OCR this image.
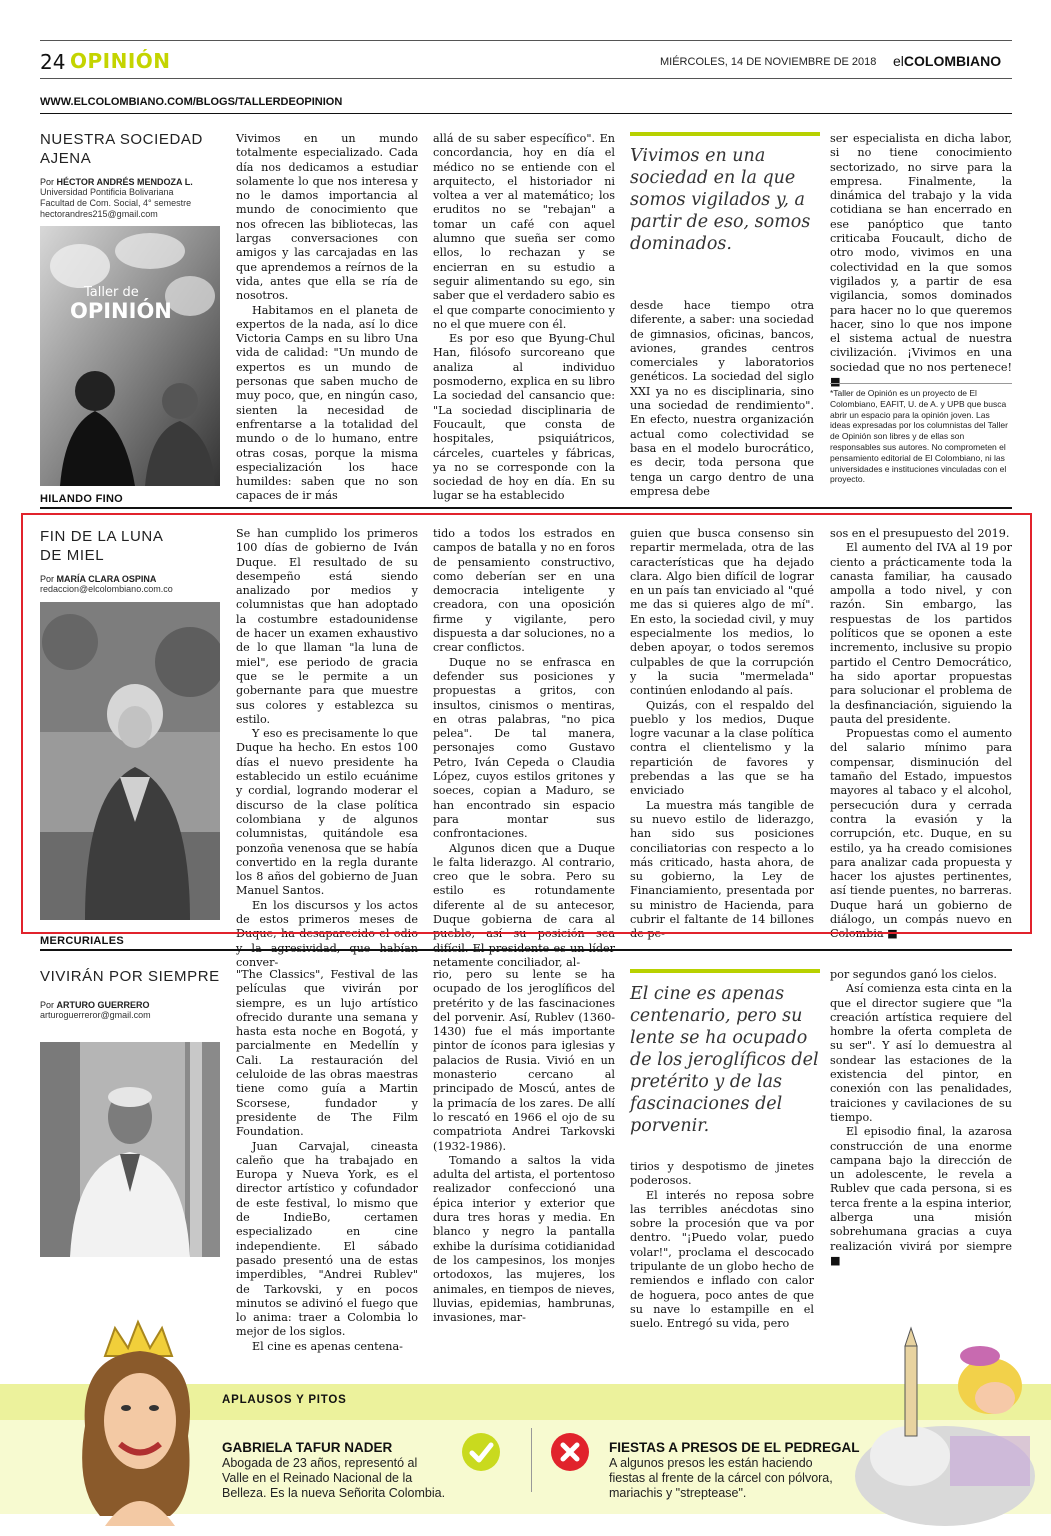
24 OPINIÓN	MIÉRCOLES, 14 DE NOVIEMBRE DE 2018 elCOLOMBIANO
WWW.ELCOLOMBIANO.COM/BLOGS/TALLERDEOPINION
NUESTRA SOCIEDAD AJENA
Por HÉCTOR ANDRÉS MENDOZA L.
Universidad Pontificia Bolivariana
Facultad de Com. Social, 4° semestre
hectorandres215@gmail.com
Taller de
OPINIÓN

Vivimos en un mundo totalmente especializado. Cada día nos dedicamos a estudiar solamente lo que nos interesa y no le damos importancia al mundo de conocimiento que nos ofrecen las bibliotecas, las largas conversaciones con amigos y las carcajadas en las que aprendemos a reírnos de la vida, antes que ella se ría de nosotros.

Habitamos en el planeta de expertos de la nada, así lo dice Victoria Camps en su libro Una vida de calidad: "Un mundo de expertos es un mundo de personas que saben mucho de muy poco, que, en ningún caso, sienten la necesidad de enfrentarse a la totalidad del mundo o de lo humano, entre otras cosas, porque la misma especialización los hace humildes: saben que no son capaces de ir más

allá de su saber específico". En concordancia, hoy en día el médico no se entiende con el arquitecto, el historiador ni voltea a ver al matemático; los eruditos no se "rebajan" a tomar un café con aquel alumno que sueña ser como ellos, lo rechazan y se encierran en su estudio a seguir alimentando su ego, sin saber que el verdadero sabio es el que comparte conocimiento y no el que muere con él.

Es por eso que Byung-Chul Han, filósofo surcoreano que analiza al individuo posmoderno, explica en su libro La sociedad del cansancio que: "La sociedad disciplinaria de Foucault, que consta de hospitales, psiquiátricos, cárceles, cuarteles y fábricas, ya no se corresponde con la sociedad de hoy en día. En su lugar se ha establecido

Vivimos en una sociedad en la que somos vigilados y, a partir de eso, somos dominados.

desde hace tiempo otra diferente, a saber: una sociedad de gimnasios, oficinas, bancos, aviones, grandes centros comerciales y laboratorios genéticos. La sociedad del siglo XXI ya no es disciplinaria, sino una sociedad de rendimiento". En efecto, nuestra organización actual como colectividad se basa en el modelo burocrático, es decir, toda persona que tenga un cargo dentro de una empresa debe

ser especialista en dicha labor, si no tiene conocimiento sectorizado, no sirve para la empresa. Finalmente, la dinámica del trabajo y la vida cotidiana se han encerrado en ese panóptico que tanto criticaba Foucault, dicho de otro modo, vivimos en una colectividad en la que somos vigilados y, a partir de esa vigilancia, somos dominados para hacer no lo que queremos hacer, sino lo que nos impone el sistema actual de nuestra civilización. ¡Vivimos en una sociedad que no nos pertenece! ■

*Taller de Opinión es un proyecto de El Colombiano, EAFIT, U. de A. y UPB que busca abrir un espacio para la opinión joven. Las ideas expresadas por los columnistas del Taller de Opinión son libres y de ellas son responsables sus autores. No comprometen el pensamiento editorial de El Colombiano, ni las universidades e instituciones vinculadas con el proyecto.
HILANDO FINO
FIN DE LA LUNA DE MIEL
Por MARÍA CLARA OSPINA
redaccion@elcolombiano.com.co

Se han cumplido los primeros 100 días de gobierno de Iván Duque. El resultado de su desempeño está siendo analizado por medios y columnistas que han adoptado la costumbre estadounidense de hacer un examen exhaustivo de lo que llaman "la luna de miel", ese periodo de gracia que se le permite a un gobernante para que muestre sus colores y establezca su estilo.

Y eso es precisamente lo que Duque ha hecho. En estos 100 días el nuevo presidente ha establecido un estilo ecuánime y cordial, logrando moderar el discurso de la clase política colombiana y de algunos columnistas, quitándole esa ponzoña venenosa que se había convertido en la regla durante los 8 años del gobierno de Juan Manuel Santos.

En los discursos y los actos de estos primeros meses de Duque, ha desaparecido el odio conver-

tido a todos los estrados en campos de batalla y no en foros de pensamiento constructivo, como deberían ser en una democracia inteligente y creadora, con una oposición firme y vigilante, pero dispuesta a dar soluciones, no a crear conflictos.

Duque no se enfrasca en defender sus posiciones y propuestas a gritos, con insultos, cinismos o mentiras, en otras palabras, "no pica pelea". De tal manera, personajes como Gustavo Petro, Iván Cepeda o Claudia López, cuyos estilos gritones y soeces, copian a Maduro, se han encontrado sin espacio para montar sus confrontaciones.

Algunos dicen que a Duque le falta liderazgo. Al contrario, creo que le sobra. Pero su estilo es rotundamente diferente al de su antecesor, Duque gobierna de cara al pueblo, así su posición sea netamente conciliador, al-

guien que busca consenso sin repartir mermelada, otra de las características que ha dejado clara. Algo bien difícil de lograr en un país tan enviciado al "qué me das si quieres algo de mí". En esto, la sociedad civil, y muy especialmente los medios, lo deben apoyar, o todos seremos culpables de que la corrupción y la sucia "mermelada" continúen enlodando al país.

Quizás, con el respaldo del pueblo y los medios, Duque logre vacunar a la clase política contra el clientelismo y la repartición de favores y prebendas a las que se ha enviciado

La muestra más tangible de su nuevo estilo de liderazgo, han sido sus posiciones conciliatorias con respecto a lo más criticado, hasta ahora, de su gobierno, la Ley de Financiamiento, presentada por su ministro de Hacienda, para cubrir el faltante de 14 billones de pe-

sos en el presupuesto del 2019.

El aumento del IVA al 19 por ciento a prácticamente toda la canasta familiar, ha causado ampolla a todo nivel, y con razón. Sin embargo, las respuestas de los partidos políticos que se oponen a este incremento, inclusive su propio partido el Centro Democrático, ha sido aportar propuestas para solucionar el problema de la desfinanciación, siguiendo la pauta del presidente.

Propuestas como el aumento del salario mínimo para compensar, disminución del tamaño del Estado, impuestos mayores al tabaco y el alcohol, persecución dura y cerrada contra la evasión y la corrupción, etc. Duque, en su estilo, ya ha creado comisiones para analizar cada propuesta y hacer los ajustes pertinentes, así tiende puentes, no barreras. Duque hará un gobierno de diálogo, un compás nuevo en Colombia ■

MERCURIALES
VIVIRÁN POR SIEMPRE
Por ARTURO GUERRERO
arturoguerreror@gmail.com

"The Classics", Festival de las películas que vivirán por siempre, es un lujo artístico ofrecido durante una semana y hasta esta noche en Bogotá, y parcialmente en Medellín y Cali. La restauración del celuloide de las obras maestras tiene como guía a Martin Scorsese, fundador y presidente de The Film Foundation.

Juan Carvajal, cineasta caleño que ha trabajado en Europa y Nueva York, es el director artístico y cofundador de este festival, lo mismo que de IndieBo, certamen especializado en cine independiente. El sábado pasado presentó una de estas imperdibles, "Andrei Rublev" de Tarkovski, y en pocos minutos se adivinó el fuego que lo anima: traer a Colombia lo mejor de los siglos.

El cine es apenas centena-

rio, pero su lente se ha ocupado de los jeroglíficos del pretérito y de las fascinaciones del porvenir. Así, Rublev (1360-1430) fue el más importante pintor de íconos para iglesias y palacios de Rusia. Vivió en un monasterio cercano al principado de Moscú, antes de la primacía de los zares. De allí lo rescató en 1966 el ojo de su compatriota Andrei Tarkovski (1932-1986).

Tomando a saltos la vida adulta del artista, el portentoso realizador confeccionó una épica interior y exterior que dura tres horas y media. En blanco y negro la pantalla exhibe la durísima cotidianidad de los campesinos, los monjes ortodoxos, las mujeres, los animales, en tiempos de nieves, lluvias, epidemias, hambrunas, invasiones, mar-

El cine es apenas centenario, pero su lente se ha ocupado de los jeroglíficos del pretérito y de las fascinaciones del porvenir.

tirios y despotismo de jinetes poderosos.

El interés no reposa sobre las terribles anécdotas sino sobre la procesión que va por dentro. "¡Puedo volar, puedo volar!", proclama el descocado tripulante de un globo hecho de remiendos e inflado con calor de hoguera, poco antes de que su nave lo estampille en el suelo. Entregó su vida, pero

por segundos ganó los cielos.

Así comienza esta cinta en la que el director sugiere que "la creación artística requiere del hombre la oferta completa de su ser". Y así lo demuestra al sondear las estaciones de la existencia del pintor, en conexión con las penalidades, traiciones y cavilaciones de su tiempo.

El episodio final, la azarosa construcción de una enorme campana bajo la dirección de un adolescente, le revela a Rublev que cada persona, si es terca frente a la espina interior, alberga una misión sobrehumana gracias a cuya realización vivirá por siempre ■

APLAUSOS Y PITOS
GABRIELA TAFUR NADER
Abogada de 23 años, representó al Valle en el Reinado Nacional de la Belleza. Es la nueva Señorita Colombia.
FIESTAS A PRESOS DE EL PEDREGAL
A algunos presos les están haciendo fiestas al frente de la cárcel con pólvora, mariachis y "streptease".
